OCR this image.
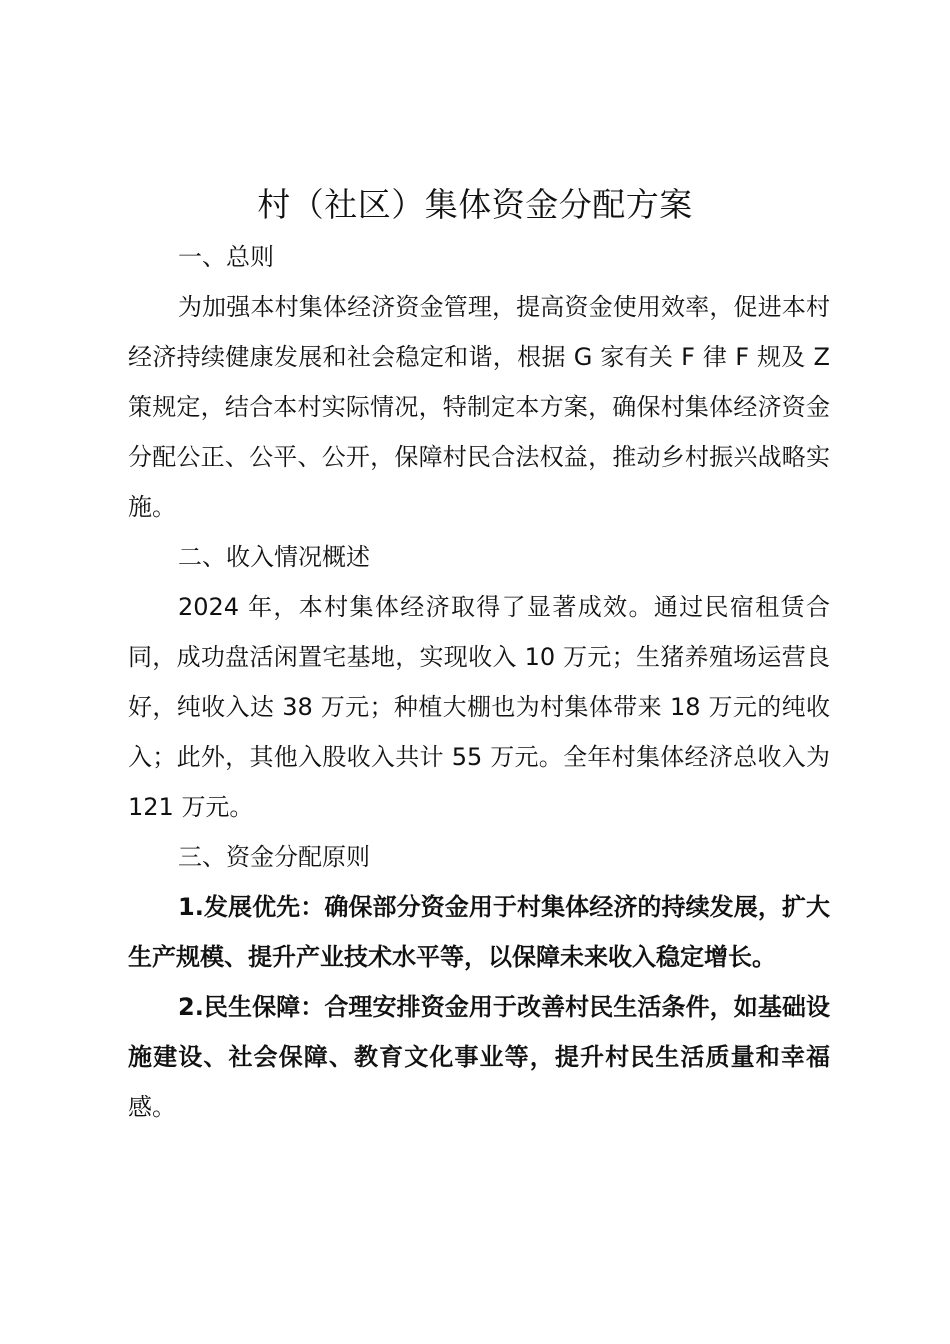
村（社区）集体资金分配方案

一、总则

为加强本村集体经济资金管理，提高资金使用效率，促进本村经济持续健康发展和社会稳定和谐，根据 G 家有关 F 律 F 规及 Z 策规定，结合本村实际情况，特制定本方案，确保村集体经济资金分配公正、公平、公开，保障村民合法权益，推动乡村振兴战略实施。

二、收入情况概述

2024 年，本村集体经济取得了显著成效。通过民宿租赁合同，成功盘活闲置宅基地，实现收入 10 万元；生猪养殖场运营良好，纯收入达 38 万元；种植大棚也为村集体带来 18 万元的纯收入；此外，其他入股收入共计 55 万元。全年村集体经济总收入为 121 万元。

三、资金分配原则

1.发展优先：确保部分资金用于村集体经济的持续发展，扩大生产规模、提升产业技术水平等，以保障未来收入稳定增长。

2.民生保障：合理安排资金用于改善村民生活条件，如基础设施建设、社会保障、教育文化事业等，提升村民生活质量和幸福感。
